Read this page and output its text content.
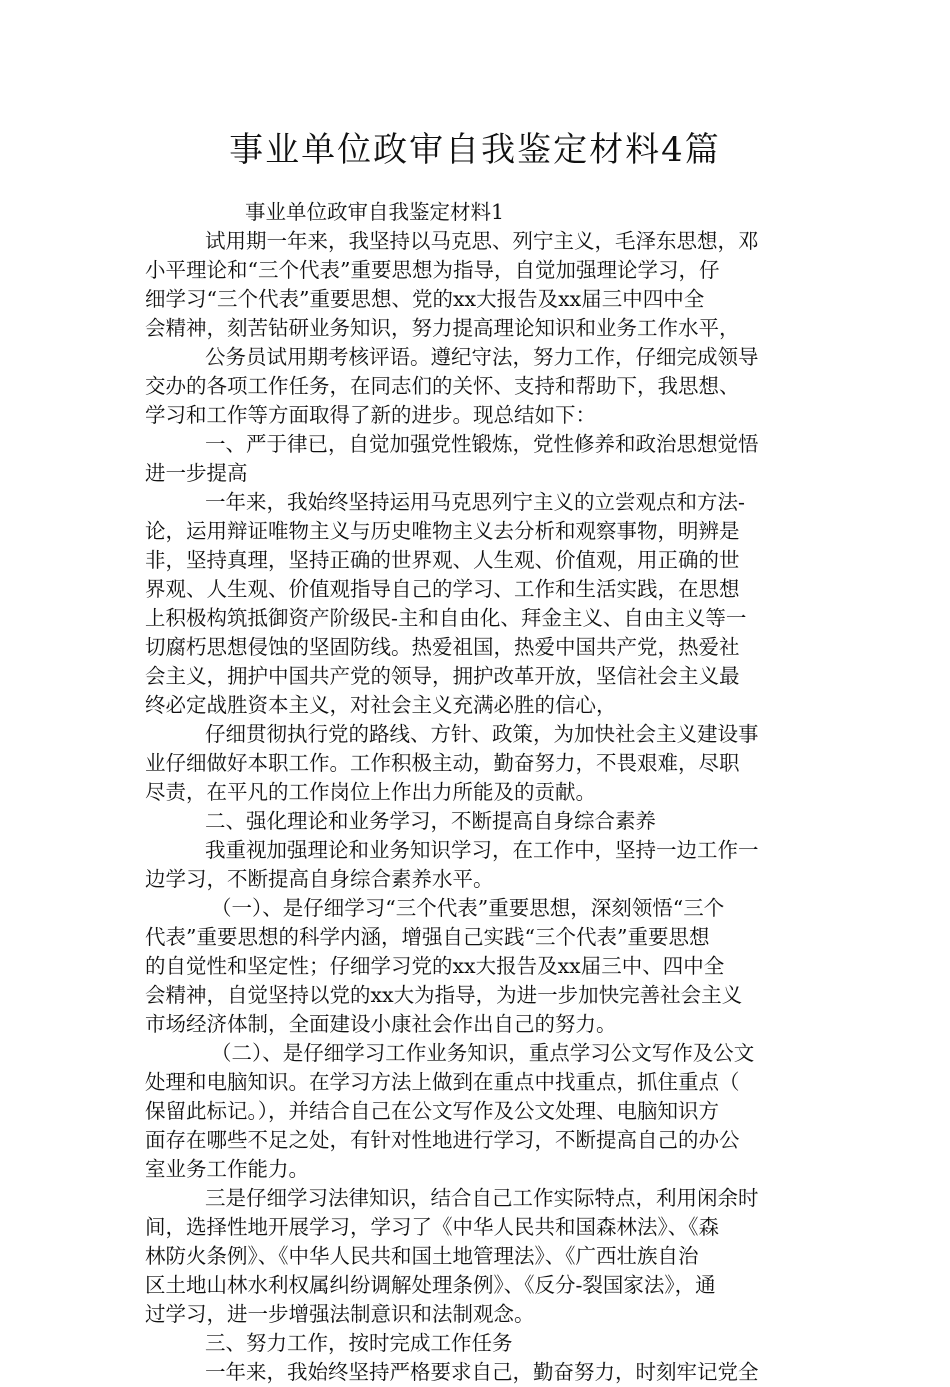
事业单位政审自我鉴定材料4篇
事业单位政审自我鉴定材料1
试用期一年来，我坚持以马克思、列宁主义，毛泽东思想，邓
小平理论和“三个代表”重要思想为指导，自觉加强理论学习，仔
细学习“三个代表”重要思想、党的xx大报告及xx届三中四中全
会精神，刻苦钻研业务知识，努力提高理论知识和业务工作水平，
公务员试用期考核评语。遵纪守法，努力工作，仔细完成领导
交办的各项工作任务，在同志们的关怀、支持和帮助下，我思想、
学习和工作等方面取得了新的进步。现总结如下：
一、严于律已，自觉加强党性锻炼，党性修养和政治思想觉悟
进一步提高
一年来，我始终坚持运用马克思列宁主义的立尝观点和方法-
论，运用辩证唯物主义与历史唯物主义去分析和观察事物，明辨是
非，坚持真理，坚持正确的世界观、人生观、价值观，用正确的世
界观、人生观、价值观指导自己的学习、工作和生活实践，在思想
上积极构筑抵御资产阶级民-主和自由化、拜金主义、自由主义等一
切腐朽思想侵蚀的坚固防线。热爱祖国，热爱中国共产党，热爱社
会主义，拥护中国共产党的领导，拥护改革开放，坚信社会主义最
终必定战胜资本主义，对社会主义充满必胜的信心，
仔细贯彻执行党的路线、方针、政策，为加快社会主义建设事
业仔细做好本职工作。工作积极主动，勤奋努力，不畏艰难，尽职
尽责，在平凡的工作岗位上作出力所能及的贡献。
二、强化理论和业务学习，不断提高自身综合素养
我重视加强理论和业务知识学习，在工作中，坚持一边工作一
边学习，不断提高自身综合素养水平。
（一）、是仔细学习“三个代表”重要思想，深刻领悟“三个
代表”重要思想的科学内涵，增强自己实践“三个代表”重要思想
的自觉性和坚定性；仔细学习党的xx大报告及xx届三中、四中全
会精神，自觉坚持以党的xx大为指导，为进一步加快完善社会主义
市场经济体制，全面建设小康社会作出自己的努力。
（二）、是仔细学习工作业务知识，重点学习公文写作及公文
处理和电脑知识。在学习方法上做到在重点中找重点，抓住重点（
保留此标记。），并结合自己在公文写作及公文处理、电脑知识方
面存在哪些不足之处，有针对性地进行学习，不断提高自己的办公
室业务工作能力。
三是仔细学习法律知识，结合自己工作实际特点，利用闲余时
间，选择性地开展学习，学习了《中华人民共和国森林法》、《森
林防火条例》、《中华人民共和国土地管理法》、《广西壮族自治
区土地山林水利权属纠纷调解处理条例》、《反分-裂国家法》，通
过学习，进一步增强法制意识和法制观念。
三、努力工作，按时完成工作任务
一年来，我始终坚持严格要求自己，勤奋努力，时刻牢记党全
